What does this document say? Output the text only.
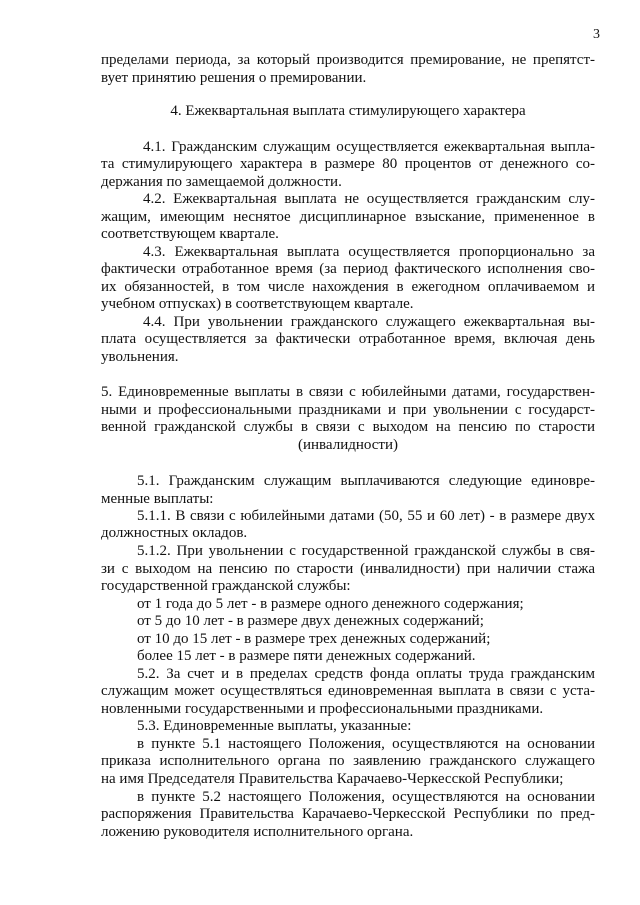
3
пределами периода, за который производится премирование, не препятст-
вует принятию решения о премировании.
4. Ежеквартальная выплата стимулирующего характера
4.1. Гражданским служащим осуществляется ежеквартальная выпла-
та стимулирующего характера в размере 80 процентов от денежного со-
держания по замещаемой должности.
4.2. Ежеквартальная выплата не осуществляется гражданским слу-
жащим, имеющим неснятое дисциплинарное взыскание, примененное в
соответствующем квартале.
4.3. Ежеквартальная выплата осуществляется пропорционально за
фактически отработанное время (за период фактического исполнения сво-
их обязанностей, в том числе нахождения в ежегодном оплачиваемом и
учебном отпусках) в соответствующем квартале.
4.4. При увольнении гражданского служащего ежеквартальная вы-
плата осуществляется за фактически отработанное время, включая день
увольнения.
5. Единовременные выплаты в связи с юбилейными датами, государствен-
ными и профессиональными праздниками и при увольнении с государст-
венной гражданской службы в связи с выходом на пенсию по старости
(инвалидности)
5.1. Гражданским служащим выплачиваются следующие единовре-
менные выплаты:
5.1.1. В связи с юбилейными датами (50, 55 и 60 лет) - в размере двух
должностных окладов.
5.1.2. При увольнении с государственной гражданской службы в свя-
зи с выходом на пенсию по старости (инвалидности) при наличии стажа
государственной гражданской службы:
от 1 года до 5 лет - в размере одного денежного содержания;
от 5 до 10 лет - в размере двух денежных содержаний;
от 10 до 15 лет - в размере трех денежных содержаний;
более 15 лет - в размере пяти денежных содержаний.
5.2. За счет и в пределах средств фонда оплаты труда гражданским
служащим может осуществляться единовременная выплата в связи с уста-
новленными государственными и профессиональными праздниками.
5.3. Единовременные выплаты, указанные:
в пункте 5.1 настоящего Положения, осуществляются на основании
приказа исполнительного органа по заявлению гражданского служащего
на имя Председателя Правительства Карачаево-Черкесской Республики;
в пункте 5.2 настоящего Положения, осуществляются на основании
распоряжения Правительства Карачаево-Черкесской Республики по пред-
ложению руководителя исполнительного органа.
